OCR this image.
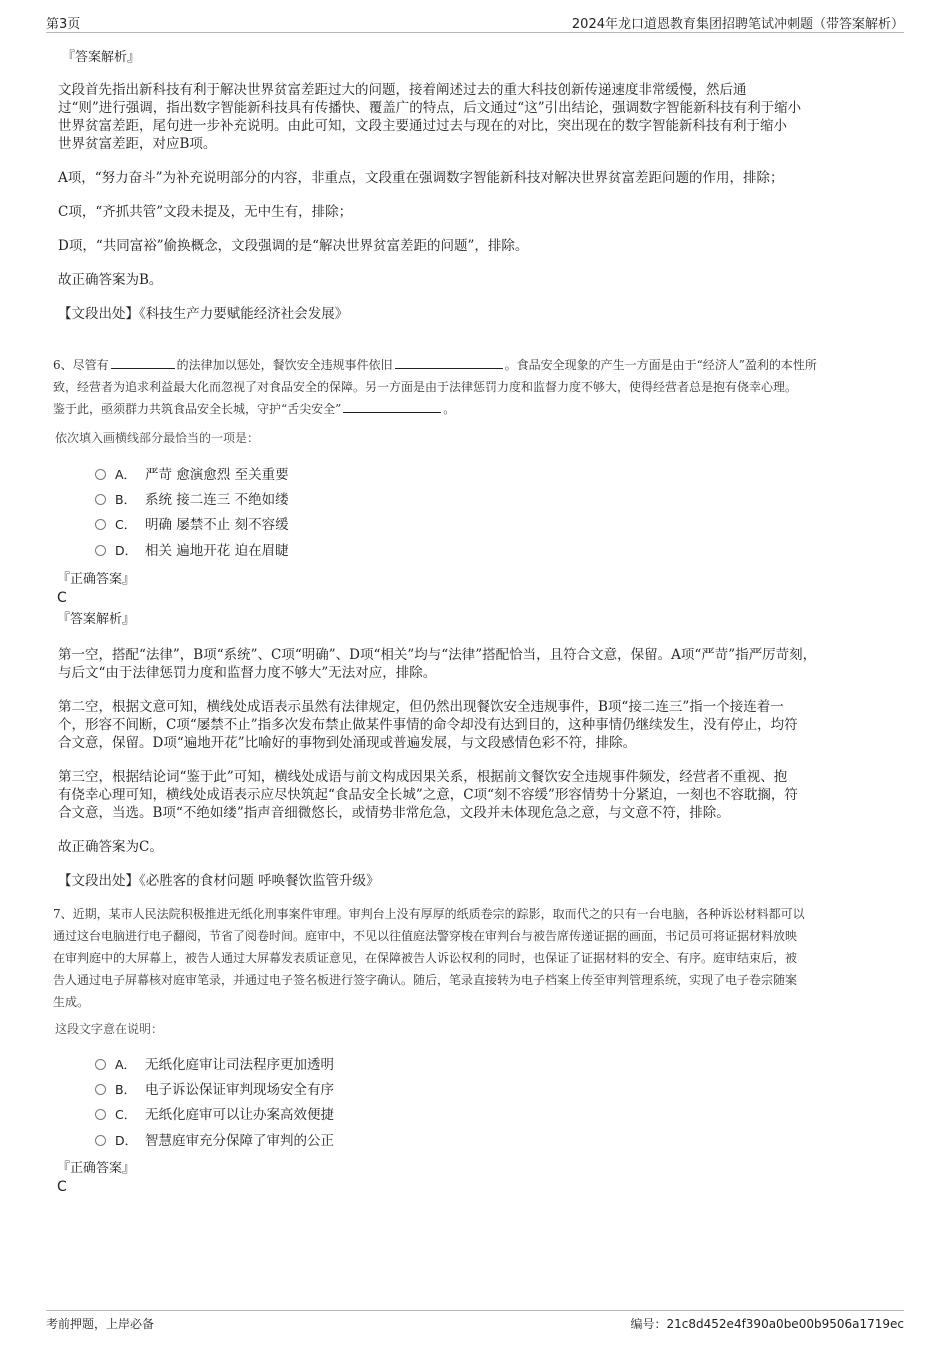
第3页	2024年龙口道恩教育集团招聘笔试冲刺题（带答案解析）
『答案解析』
文段首先指出新科技有利于解决世界贫富差距过大的问题，接着阐述过去的重大科技创新传递速度非常缓慢，然后通
过“则”进行强调，指出数字智能新科技具有传播快、覆盖广的特点，后文通过“这”引出结论，强调数字智能新科技有利于缩小
世界贫富差距，尾句进一步补充说明。由此可知，文段主要通过过去与现在的对比，突出现在的数字智能新科技有利于缩小
世界贫富差距，对应B项。
A项，“努力奋斗”为补充说明部分的内容，非重点，文段重在强调数字智能新科技对解决世界贫富差距问题的作用，排除；
C项，“齐抓共管”文段未提及，无中生有，排除；
D项，“共同富裕”偷换概念，文段强调的是“解决世界贫富差距的问题”，排除。
故正确答案为B。
【文段出处】《科技生产力要赋能经济社会发展》
6、尽管有	的法律加以惩处，餐饮安全违规事件依旧	。食品安全现象的产生一方面是由于“经济人”盈利的本性所
致，经营者为追求利益最大化而忽视了对食品安全的保障。另一方面是由于法律惩罚力度和监督力度不够大，使得经营者总是抱有侥幸心理。
鉴于此，亟须群力共筑食品安全长城，守护“舌尖安全”	。
依次填入画横线部分最恰当的一项是：
A． 严苛 愈演愈烈 至关重要
B． 系统 接二连三 不绝如缕
C． 明确 屡禁不止 刻不容缓
D． 相关 遍地开花 迫在眉睫
『正确答案』
C
『答案解析』
第一空，搭配“法律”，B项“系统”、C项“明确”、D项“相关”均与“法律”搭配恰当，且符合文意，保留。A项“严苛”指严厉苛刻，
与后文“由于法律惩罚力度和监督力度不够大”无法对应，排除。
第二空，根据文意可知，横线处成语表示虽然有法律规定，但仍然出现餐饮安全违规事件，B项“接二连三”指一个接连着一
个，形容不间断，C项“屡禁不止”指多次发布禁止做某件事情的命令却没有达到目的，这种事情仍继续发生，没有停止，均符
合文意，保留。D项“遍地开花”比喻好的事物到处涌现或普遍发展，与文段感情色彩不符，排除。
第三空，根据结论词“鉴于此”可知，横线处成语与前文构成因果关系，根据前文餐饮安全违规事件频发，经营者不重视、抱
有侥幸心理可知，横线处成语表示应尽快筑起“食品安全长城”之意，C项“刻不容缓”形容情势十分紧迫，一刻也不容耽搁，符
合文意，当选。B项“不绝如缕”指声音细微悠长，或情势非常危急，文段并未体现危急之意，与文意不符，排除。
故正确答案为C。
【文段出处】《必胜客的食材问题 呼唤餐饮监管升级》
7、近期，某市人民法院积极推进无纸化刑事案件审理。审判台上没有厚厚的纸质卷宗的踪影，取而代之的只有一台电脑，各种诉讼材料都可以
通过这台电脑进行电子翻阅，节省了阅卷时间。庭审中，不见以往值庭法警穿梭在审判台与被告席传递证据的画面，书记员可将证据材料放映
在审判庭中的大屏幕上，被告人通过大屏幕发表质证意见，在保障被告人诉讼权利的同时，也保证了证据材料的安全、有序。庭审结束后，被
告人通过电子屏幕核对庭审笔录，并通过电子签名板进行签字确认。随后，笔录直接转为电子档案上传至审判管理系统，实现了电子卷宗随案
生成。
这段文字意在说明：
A． 无纸化庭审让司法程序更加透明
B． 电子诉讼保证审判现场安全有序
C． 无纸化庭审可以让办案高效便捷
D． 智慧庭审充分保障了审判的公正
『正确答案』
C
考前押题，上岸必备	编号：21c8d452e4f390a0be00b9506a1719ec
